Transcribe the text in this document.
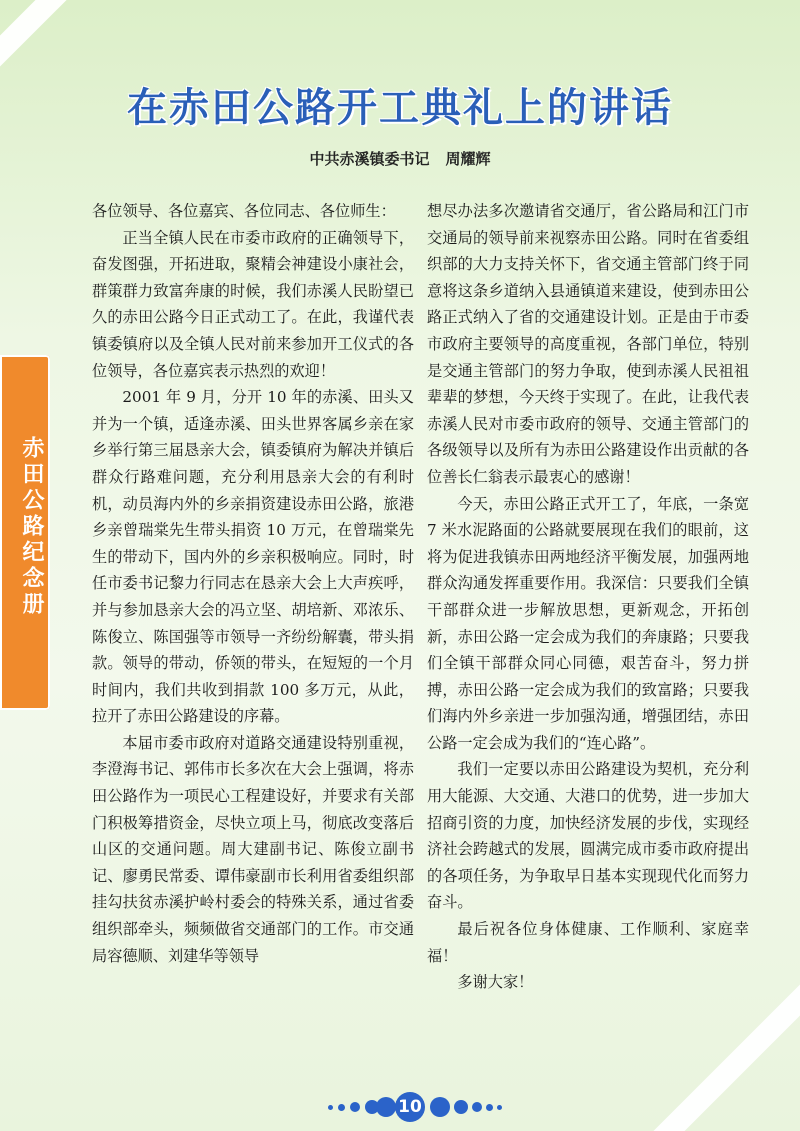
在赤田公路开工典礼上的讲话
中共赤溪镇委书记 周耀辉
赤田公路纪念册

各位领导、各位嘉宾、各位同志、各位师生：

正当全镇人民在市委市政府的正确领导下，奋发图强，开拓进取，聚精会神建设小康社会，群策群力致富奔康的时候，我们赤溪人民盼望已久的赤田公路今日正式动工了。在此，我谨代表镇委镇府以及全镇人民对前来参加开工仪式的各位领导，各位嘉宾表示热烈的欢迎！

2001 年 9 月，分开 10 年的赤溪、田头又并为一个镇，适逢赤溪、田头世界客属乡亲在家乡举行第三届恳亲大会，镇委镇府为解决并镇后群众行路难问题，充分利用恳亲大会的有利时机，动员海内外的乡亲捐资建设赤田公路，旅港乡亲曾瑞棠先生带头捐资 10 万元，在曾瑞棠先生的带动下，国内外的乡亲积极响应。同时，时任市委书记黎力行同志在恳亲大会上大声疾呼，并与参加恳亲大会的冯立坚、胡培新、邓浓乐、陈俊立、陈国强等市领导一齐纷纷解囊，带头捐款。领导的带动，侨领的带头，在短短的一个月时间内，我们共收到捐款 100 多万元，从此，拉开了赤田公路建设的序幕。

本届市委市政府对道路交通建设特别重视，李澄海书记、郭伟市长多次在大会上强调，将赤田公路作为一项民心工程建设好，并要求有关部门积极筹措资金，尽快立项上马，彻底改变落后山区的交通问题。周大建副书记、陈俊立副书记、廖勇民常委、谭伟豪副市长利用省委组织部挂勾扶贫赤溪护岭村委会的特殊关系，通过省委组织部牵头，频频做省交通部门的工作。市交通局容德顺、刘建华等领导

想尽办法多次邀请省交通厅，省公路局和江门市交通局的领导前来视察赤田公路。同时在省委组织部的大力支持关怀下，省交通主管部门终于同意将这条乡道纳入县通镇道来建设，使到赤田公路正式纳入了省的交通建设计划。正是由于市委市政府主要领导的高度重视，各部门单位，特别是交通主管部门的努力争取，使到赤溪人民祖祖辈辈的梦想，今天终于实现了。在此，让我代表赤溪人民对市委市政府的领导、交通主管部门的各级领导以及所有为赤田公路建设作出贡献的各位善长仁翁表示最衷心的感谢！

今天，赤田公路正式开工了，年底，一条宽 7 米水泥路面的公路就要展现在我们的眼前，这将为促进我镇赤田两地经济平衡发展，加强两地群众沟通发挥重要作用。我深信：只要我们全镇干部群众进一步解放思想，更新观念，开拓创新，赤田公路一定会成为我们的奔康路；只要我们全镇干部群众同心同德，艰苦奋斗，努力拼搏，赤田公路一定会成为我们的致富路；只要我们海内外乡亲进一步加强沟通，增强团结，赤田公路一定会成为我们的“连心路”。

我们一定要以赤田公路建设为契机，充分利用大能源、大交通、大港口的优势，进一步加大招商引资的力度，加快经济发展的步伐，实现经济社会跨越式的发展，圆满完成市委市政府提出的各项任务，为争取早日基本实现现代化而努力奋斗。

最后祝各位身体健康、工作顺利、家庭幸福！

多谢大家！

10
